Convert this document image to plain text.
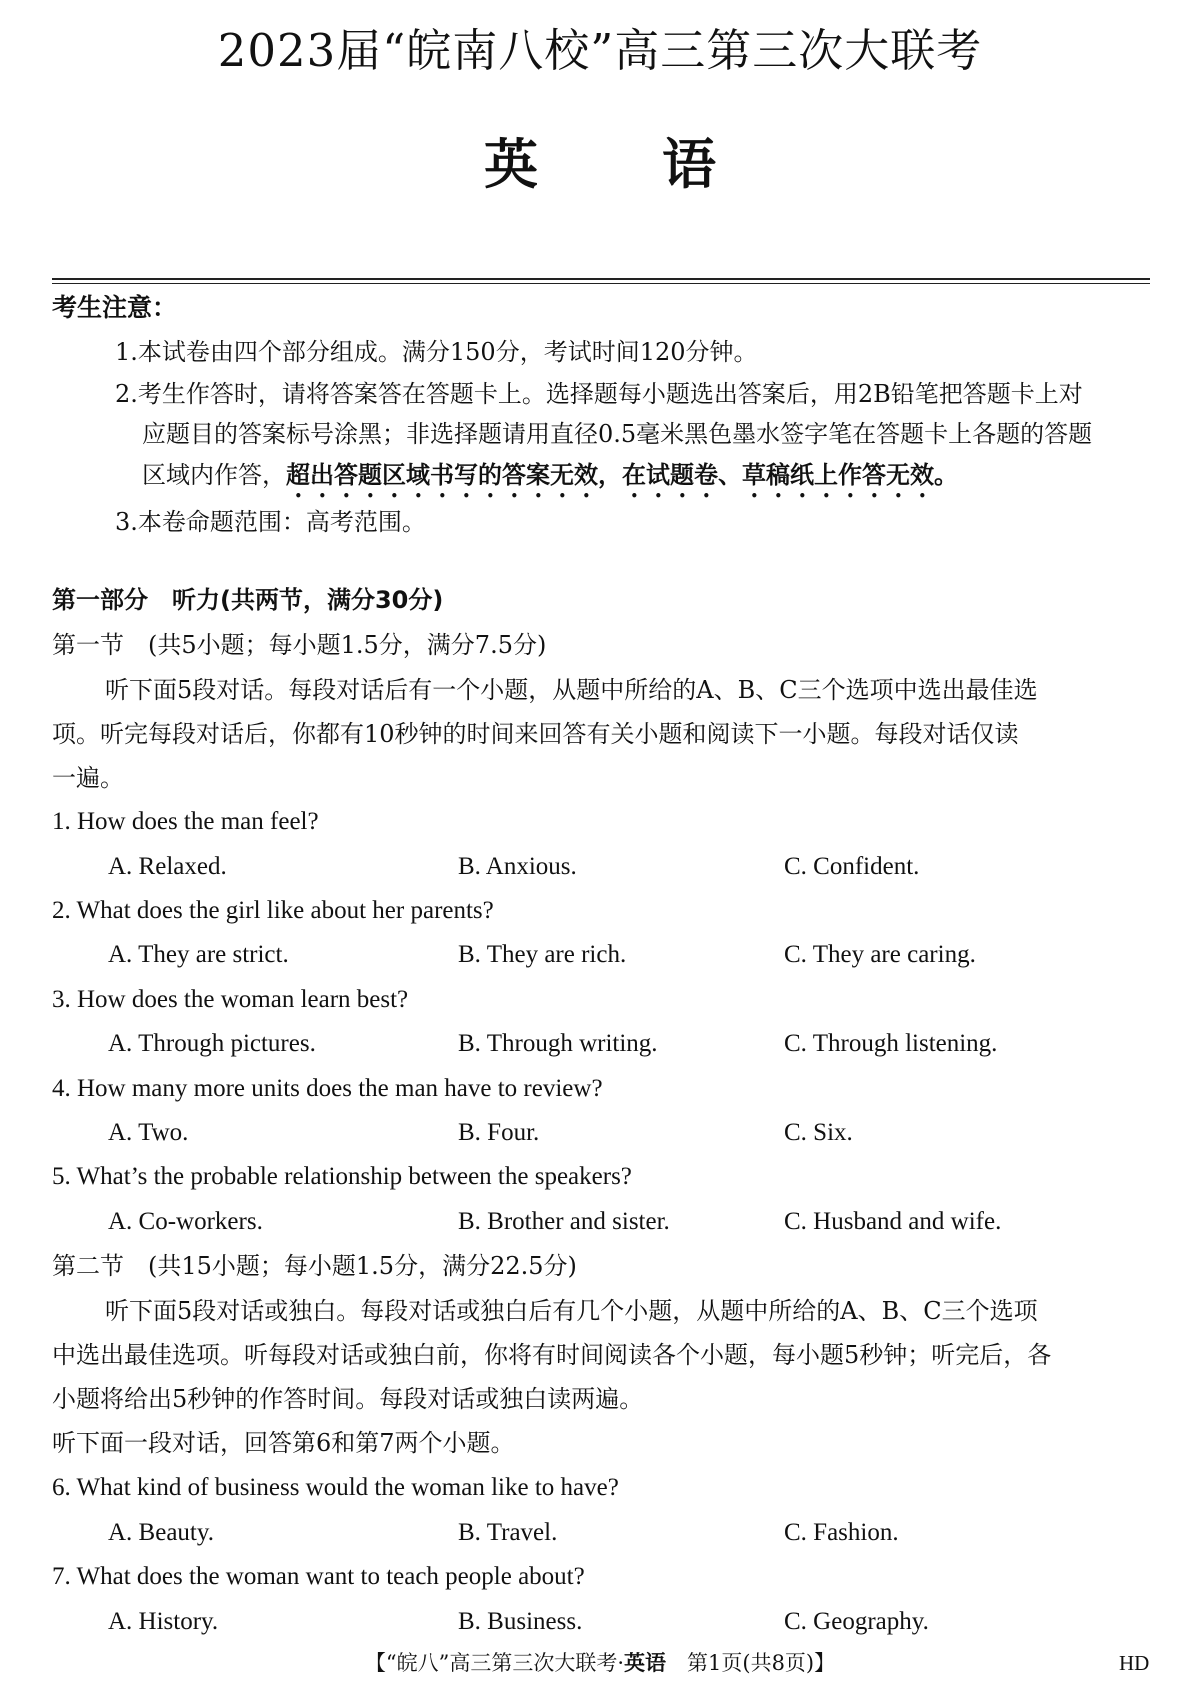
2023届“皖南八校”高三第三次大联考
英 语
考生注意：
1.本试卷由四个部分组成。满分150分，考试时间120分钟。
2.考生作答时，请将答案答在答题卡上。选择题每小题选出答案后，用2B铅笔把答题卡上对
应题目的答案标号涂黑；非选择题请用直径0.5毫米黑色墨水签字笔在答题卡上各题的答题
区域内作答，超出答题区域书写的答案无效，在试题卷、草稿纸上作答无效。
3.本卷命题范围：高考范围。
第一部分　听力(共两节，满分30分)
第一节　(共5小题；每小题1.5分，满分7.5分)
听下面5段对话。每段对话后有一个小题，从题中所给的A、B、C三个选项中选出最佳选
项。听完每段对话后，你都有10秒钟的时间来回答有关小题和阅读下一小题。每段对话仅读
一遍。
1. How does the man feel?
A. Relaxed.	B. Anxious.	C. Confident.
2. What does the girl like about her parents?
A. They are strict.	B. They are rich.	C. They are caring.
3. How does the woman learn best?
A. Through pictures.	B. Through writing.	C. Through listening.
4. How many more units does the man have to review?
A. Two.	B. Four.	C. Six.
5. What’s the probable relationship between the speakers?
A. Co-workers.	B. Brother and sister.	C. Husband and wife.
第二节　(共15小题；每小题1.5分，满分22.5分)
听下面5段对话或独白。每段对话或独白后有几个小题，从题中所给的A、B、C三个选项
中选出最佳选项。听每段对话或独白前，你将有时间阅读各个小题，每小题5秒钟；听完后，各
小题将给出5秒钟的作答时间。每段对话或独白读两遍。
听下面一段对话，回答第6和第7两个小题。
6. What kind of business would the woman like to have?
A. Beauty.	B. Travel.	C. Fashion.
7. What does the woman want to teach people about?
A. History.	B. Business.	C. Geography.
【“皖八”高三第三次大联考·英语　第1页(共8页)】	HD
